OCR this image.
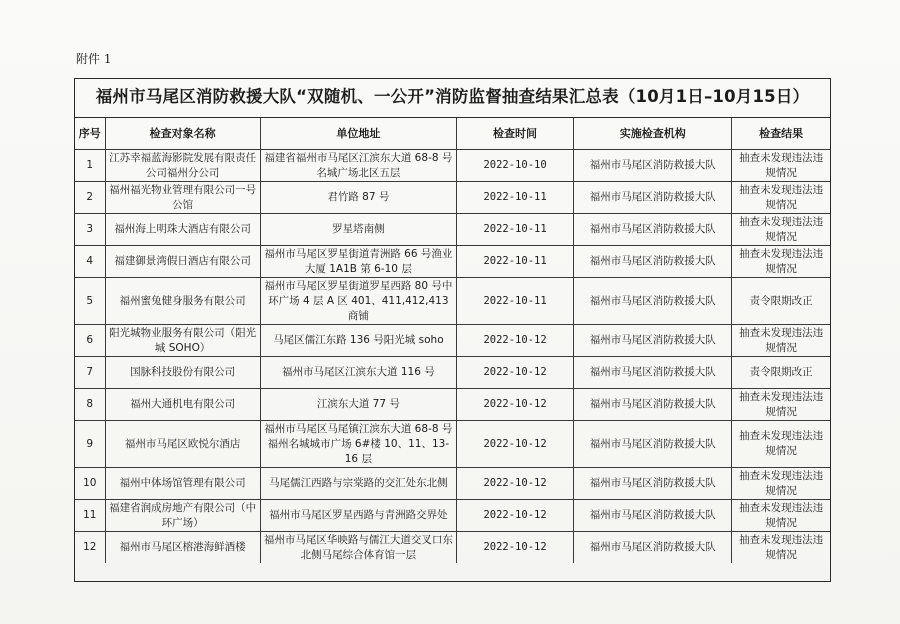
附件 1
福州市马尾区消防救援大队“双随机、一公开”消防监督抽查结果汇总表（10月1日–10月15日）
序号	检查对象名称	单位地址	检查时间	实施检查机构	检查结果
1	江苏幸福蓝海影院发展有限责任公司福州分公司	福建省福州市马尾区江滨东大道 68-8 号名城广场北区五层	2022-10-10	福州市马尾区消防救援大队	抽查未发现违法违规情况
2	福州福光物业管理有限公司一号公馆	君竹路 87 号	2022-10-11	福州市马尾区消防救援大队	抽查未发现违法违规情况
3	福州海上明珠大酒店有限公司	罗星塔南侧	2022-10-11	福州市马尾区消防救援大队	抽查未发现违法违规情况
4	福建御景湾假日酒店有限公司	福州市马尾区罗星街道青洲路 66 号渔业大厦 1A1B 第 6-10 层	2022-10-11	福州市马尾区消防救援大队	抽查未发现违法违规情况
5	福州蜜兔健身服务有限公司	福州市马尾区罗星街道罗星西路 80 号中环广场 4 层 A 区 401、411,412,413 商铺	2022-10-11	福州市马尾区消防救援大队	责令限期改正
6	阳光城物业服务有限公司（阳光城 SOHO）	马尾区儒江东路 136 号阳光城 soho	2022-10-12	福州市马尾区消防救援大队	抽查未发现违法违规情况
7	国脉科技股份有限公司	福州市马尾区江滨东大道 116 号	2022-10-12	福州市马尾区消防救援大队	责令限期改正
8	福州大通机电有限公司	江滨东大道 77 号	2022-10-12	福州市马尾区消防救援大队	抽查未发现违法违规情况
9	福州市马尾区欧悦尔酒店	福州市马尾区马尾镇江滨东大道 68-8 号福州名城城市广场 6#楼 10、11、13-16 层	2022-10-12	福州市马尾区消防救援大队	抽查未发现违法违规情况
10	福州中体场馆管理有限公司	马尾儒江西路与宗棠路的交汇处东北侧	2022-10-12	福州市马尾区消防救援大队	抽查未发现违法违规情况
11	福建省润成房地产有限公司（中环广场）	福州市马尾区罗星西路与青洲路交界处	2022-10-12	福州市马尾区消防救援大队	抽查未发现违法违规情况
12	福州市马尾区榕港海鲜酒楼	福州市马尾区华映路与儒江大道交叉口东北侧马尾综合体育馆一层	2022-10-12	福州市马尾区消防救援大队	抽查未发现违法违规情况
